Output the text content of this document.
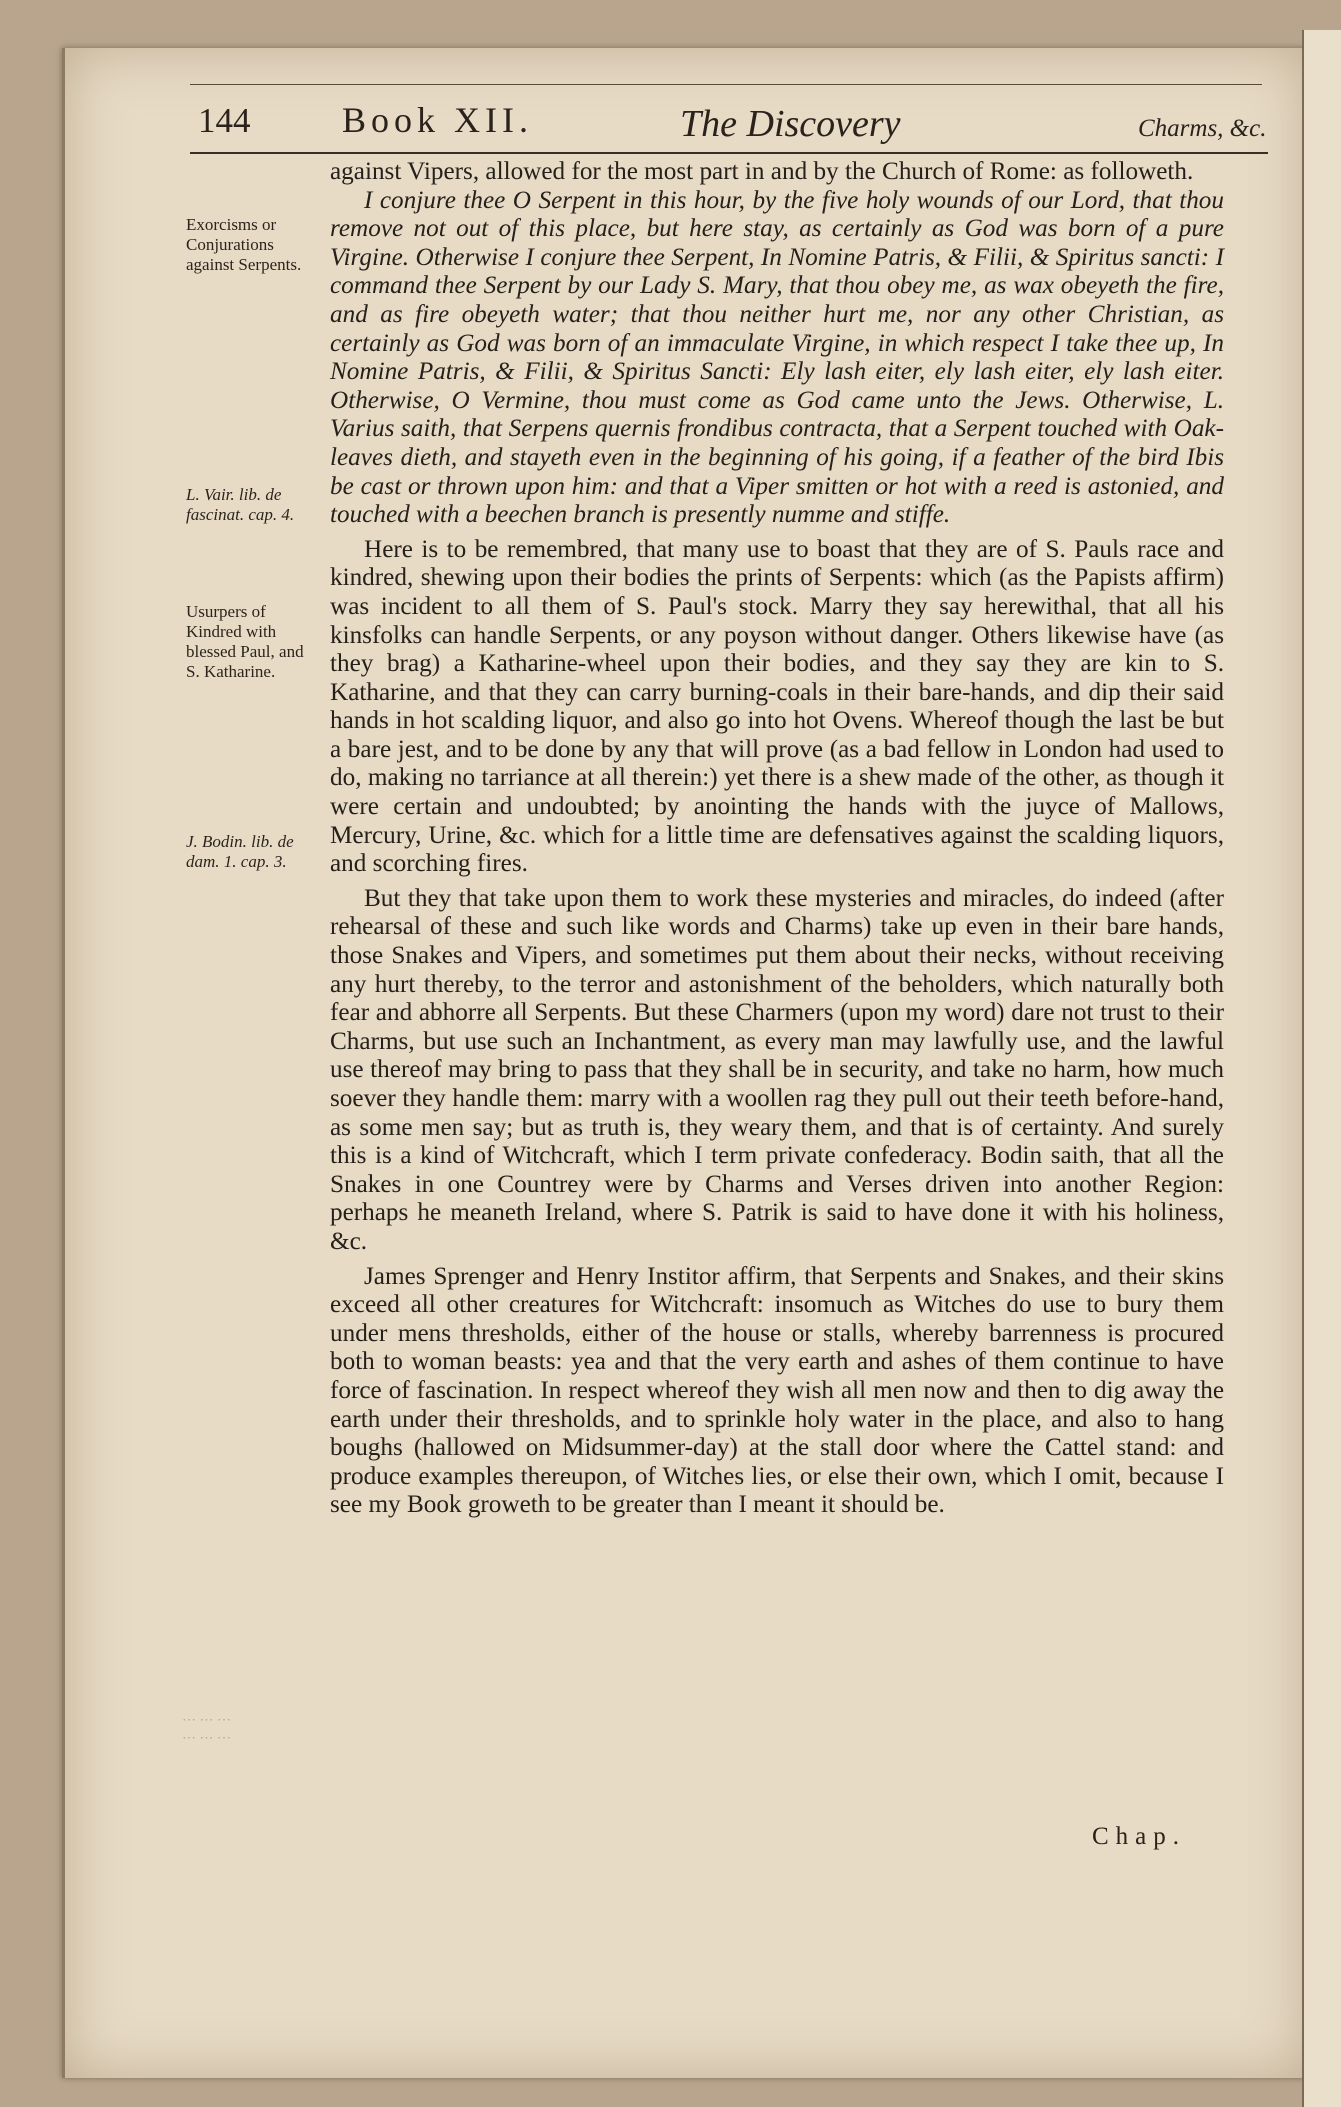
144	Book XII.	The Discovery	Charms, &c.
Exorcisms or Conjurations against Serpents.
L. Vair. lib. de fascinat. cap. 4.
Usurpers of Kindred with blessed Paul, and S. Katharine.
J. Bodin. lib. de dam. 1. cap. 3.

against Vipers, allowed for the most part in and by the Church of Rome: as followeth.

I conjure thee O Serpent in this hour, by the five holy wounds of our Lord, that thou remove not out of this place, but here stay, as certainly as God was born of a pure Virgine. Otherwise I conjure thee Serpent, In Nomine Patris, & Filii, & Spiritus sancti: I command thee Serpent by our Lady S. Mary, that thou obey me, as wax obeyeth the fire, and as fire obeyeth water; that thou neither hurt me, nor any other Christian, as certainly as God was born of an immaculate Virgine, in which respect I take thee up, In Nomine Patris, & Filii, & Spiritus Sancti: Ely lash eiter, ely lash eiter, ely lash eiter. Otherwise, O Vermine, thou must come as God came unto the Jews. Otherwise, L. Varius saith, that Serpens quernis frondibus contracta, that a Serpent touched with Oak-leaves dieth, and stayeth even in the beginning of his going, if a feather of the bird Ibis be cast or thrown upon him: and that a Viper smitten or hot with a reed is astonied, and touched with a beechen branch is presently numme and stiffe.

Here is to be remembred, that many use to boast that they are of S. Pauls race and kindred, shewing upon their bodies the prints of Serpents: which (as the Papists affirm) was incident to all them of S. Paul's stock. Marry they say herewithal, that all his kinsfolks can handle Serpents, or any poyson without danger. Others likewise have (as they brag) a Katharine-wheel upon their bodies, and they say they are kin to S. Katharine, and that they can carry burning-coals in their bare-hands, and dip their said hands in hot scalding liquor, and also go into hot Ovens. Whereof though the last be but a bare jest, and to be done by any that will prove (as a bad fellow in London had used to do, making no tarriance at all therein:) yet there is a shew made of the other, as though it were certain and undoubted; by anointing the hands with the juyce of Mallows, Mercury, Urine, &c. which for a little time are defensatives against the scalding liquors, and scorching fires.

But they that take upon them to work these mysteries and miracles, do indeed (after rehearsal of these and such like words and Charms) take up even in their bare hands, those Snakes and Vipers, and sometimes put them about their necks, without receiving any hurt thereby, to the terror and astonishment of the beholders, which naturally both fear and abhorre all Serpents. But these Charmers (upon my word) dare not trust to their Charms, but use such an Inchantment, as every man may lawfully use, and the lawful use thereof may bring to pass that they shall be in security, and take no harm, how much soever they handle them: marry with a woollen rag they pull out their teeth before-hand, as some men say; but as truth is, they weary them, and that is of certainty. And surely this is a kind of Witchcraft, which I term private confederacy. Bodin saith, that all the Snakes in one Countrey were by Charms and Verses driven into another Region: perhaps he meaneth Ireland, where S. Patrik is said to have done it with his holiness, &c.

James Sprenger and Henry Institor affirm, that Serpents and Snakes, and their skins exceed all other creatures for Witchcraft: insomuch as Witches do use to bury them under mens thresholds, either of the house or stalls, whereby barrenness is procured both to woman beasts: yea and that the very earth and ashes of them continue to have force of fascination. In respect whereof they wish all men now and then to dig away the earth under their thresholds, and to sprinkle holy water in the place, and also to hang boughs (hallowed on Midsummer-day) at the stall door where the Cattel stand: and produce examples thereupon, of Witches lies, or else their own, which I omit, because I see my Book groweth to be greater than I meant it should be.

⋯ ⋯ ⋯
⋯ ⋯ ⋯
Chap.
